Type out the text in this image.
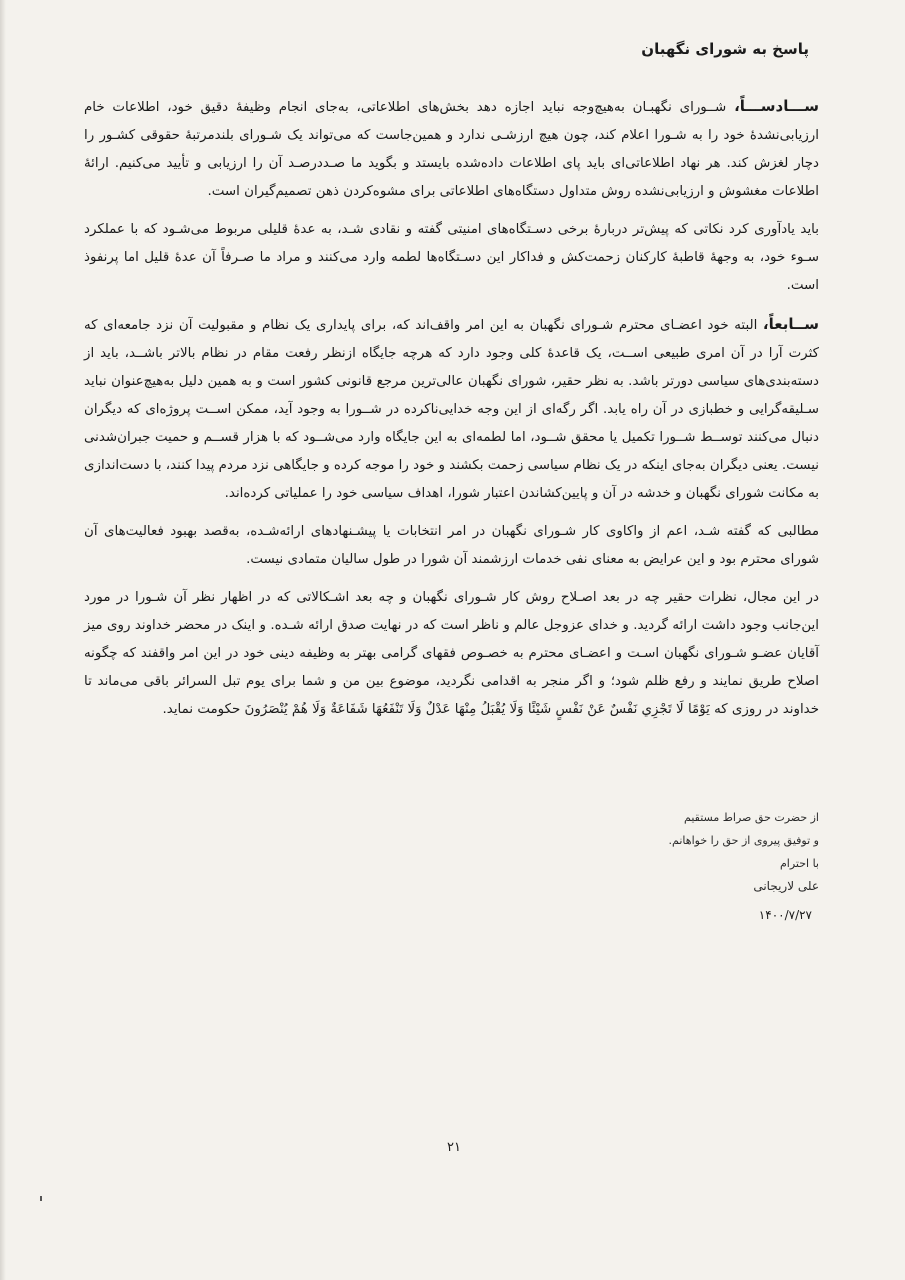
پاسخ به شورای نگهبان

ســـادســـاً، شــورای نگهبـان به‌هیچ‌وجه نباید اجازه دهد بخش‌های اطلاعاتی، به‌جای انجام وظیفهٔ دقیق خود، اطلاعات خام ارزیابی‌نشدهٔ خود را به شـورا اعلام کند، چون هیچ ارزشـی ندارد و همین‌جاست که می‌تواند یک شـورای بلندمرتبهٔ حقوقی کشـور را دچار لغزش کند. هر نهاد اطلاعاتی‌ای باید پای اطلاعات داده‌شده بایستد و بگوید ما صـددرصـد آن را ارزیابی و تأیید می‌کنیم. ارائهٔ اطلاعات مغشوش و ارزیابی‌نشده روش متداول دستگاه‌های اطلاعاتی برای مشوه‌کردن ذهن تصمیم‌گیران است.

باید یادآوری کرد نکاتی که پیش‌تر دربارهٔ برخی دسـتگاه‌های امنیتی گفته و نقادی شـد، به عدهٔ قلیلی مربوط می‌شـود که با عملکرد سـوء خود، به وجههٔ قاطبهٔ کارکنان زحمت‌کش و فداکار این دسـتگاه‌ها لطمه وارد می‌کنند و مراد ما صـرفاً آن عدهٔ قلیل اما پرنفوذ است.

ســابعاً، البته خود اعضـای محترم شـورای نگهبان به این امر واقف‌اند که، برای پایداری یک نظام و مقبولیت آن نزد جامعه‌ای که کثرت آرا در آن امری طبیعی اســت، یک قاعدهٔ کلی وجود دارد که هرچه جایگاه ازنظر رفعت مقام در نظام بالاتر باشــد، باید از دسته‌بندی‌های سیاسی دورتر باشد. به نظر حقیر، شورای نگهبان عالی‌ترین مرجع قانونی کشور است و به همین دلیل به‌هیچ‌عنوان نباید سـلیقه‌گرایی و خطبازی در آن راه یابد. اگر رگه‌ای از این وجه خدایی‌ناکرده در شــورا به وجود آید، ممکن اســت پروژه‌ای که دیگران دنبال می‌کنند توســط شــورا تکمیل یا محقق شــود، اما لطمه‌ای به این جایگاه وارد می‌شــود که با هزار قســم و حمیت جبران‌شدنی نیست. یعنی دیگران به‌جای اینکه در یک نظام سیاسی زحمت بکشند و خود را موجه کرده و جایگاهی نزد مردم پیدا کنند، با دست‌اندازی به مکانت شورای نگهبان و خدشه در آن و پایین‌کشاندن اعتبار شورا، اهداف سیاسی خود را عملیاتی کرده‌اند.

مطالبی که گفته شـد، اعم از واکاوی کار شـورای نگهبان در امر انتخابات یا پیشـنهادهای ارائه‌شـده، به‌قصد بهبود فعالیت‌های آن شورای محترم بود و این عرایض به معنای نفی خدمات ارزشمند آن شورا در طول سالیان متمادی نیست.

در این مجال، نظرات حقیر چه در بعد اصـلاح روش کار شـورای نگهبان و چه بعد اشـکالاتی که در اظهار نظر آن شـورا در مورد این‌جانب وجود داشت ارائه گردید. و خدای عزوجل عالم و ناظر است که در نهایت صدق ارائه شـده. و اینک در محضر خداوند روی میز آقایان عضـو شـورای نگهبان اسـت و اعضـای محترم به خصـوص فقهای گرامی بهتر به وظیفه دینی خود در این امر واقفند که چگونه اصلاح طریق نمایند و رفع ظلم شود؛ و اگر منجر به اقدامی نگردید، موضوع بین من و شما برای یوم تبل السرائر باقی می‌ماند تا خداوند در روزی که یَوْمًا لَا تَجْزِي نَفْسٌ عَنْ نَفْسٍ شَيْئًا وَلَا يُقْبَلُ مِنْهَا عَدْلٌ وَلَا تَنْفَعُهَا شَفَاعَةٌ وَلَا هُمْ يُنْصَرُونَ حکومت نماید.

از حضرت حق صراط مستقیم
و توفیق پیروی از حق را خواهانم.
با احترام
علی لاریجانی
۱۴۰۰/۷/۲۷
۲۱
